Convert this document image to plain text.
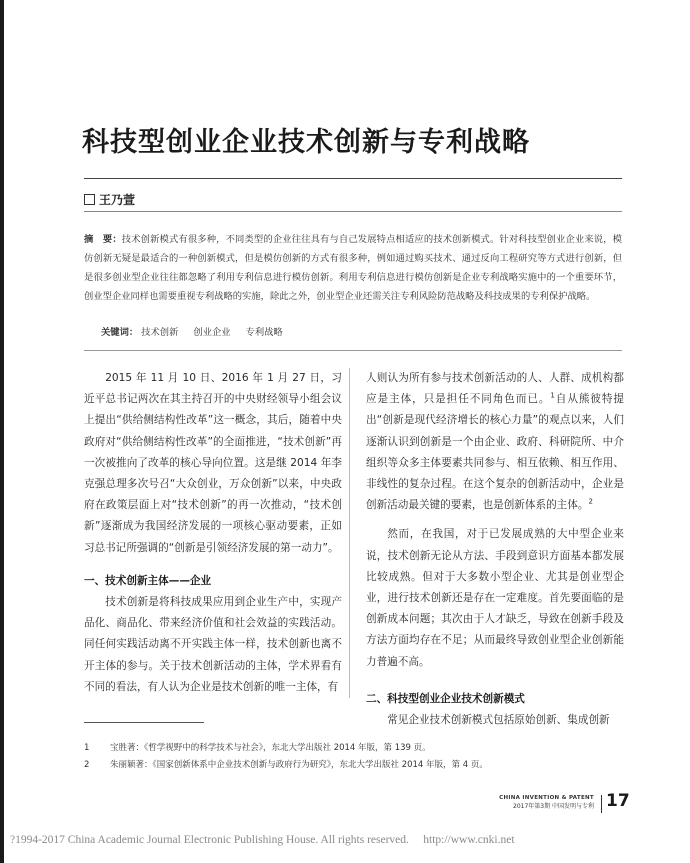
科技型创业企业技术创新与专利战略
王乃萱
摘　要：技术创新模式有很多种，不同类型的企业往往具有与自己发展特点相适应的技术创新模式。针对科技型创业企业来说，模仿创新无疑是最适合的一种创新模式，但是模仿创新的方式有很多种，例如通过购买技术、通过反向工程研究等方式进行创新，但是很多创业型企业往往都忽略了利用专利信息进行模仿创新。利用专利信息进行模仿创新是企业专利战略实施中的一个重要环节，创业型企业同样也需要重视专利战略的实施，除此之外，创业型企业还需关注专利风险防范战略及科技成果的专利保护战略。
关键词： 技术创新 创业企业 专利战略

2015 年 11 月 10 日、2016 年 1 月 27 日，习近平总书记两次在其主持召开的中央财经领导小组会议上提出“供给侧结构性改革”这一概念，其后，随着中央政府对“供给侧结构性改革”的全面推进，“技术创新”再一次被推向了改革的核心导向位置。这是继 2014 年李克强总理多次号召“大众创业，万众创新”以来，中央政府在政策层面上对“技术创新”的再一次推动，“技术创新”逐渐成为我国经济发展的一项核心驱动要素，正如习总书记所强调的“创新是引领经济发展的第一动力”。

一、技术创新主体——企业

技术创新是将科技成果应用到企业生产中，实现产品化、商品化、带来经济价值和社会效益的实践活动。同任何实践活动离不开实践主体一样，技术创新也离不开主体的参与。关于技术创新活动的主体，学术界看有不同的看法，有人认为企业是技术创新的唯一主体，有

人则认为所有参与技术创新活动的人、人群、成机构都应是主体，只是担任不同角色而已。$^1$自从熊彼特提出“创新是现代经济增长的核心力量”的观点以来，人们逐渐认识到创新是一个由企业、政府、科研院所、中介组织等众多主体要素共同参与、相互依赖、相互作用、非线性的复杂过程。在这个复杂的创新活动中，企业是创新活动最关键的要素，也是创新体系的主体。$^2$

然而，在我国，对于已发展成熟的大中型企业来说，技术创新无论从方法、手段到意识方面基本都发展比较成熟。但对于大多数小型企业、尤其是创业型企业，进行技术创新还是存在一定难度。首先要面临的是创新成本问题；其次由于人才缺乏，导致在创新手段及方法方面均存在不足；从而最终导致创业型企业创新能力普遍不高。

二、科技型创业企业技术创新模式

常见企业技术创新模式包括原始创新、集成创新

1	宝胜著：《哲学视野中的科学技术与社会》，东北大学出版社 2014 年版，第 139 页。
2	朱丽颖著：《国家创新体系中企业技术创新与政府行为研究》，东北大学出版社 2014 年版，第 4 页。
CHINA INVENTION & PATENT
2017年第3期 中国发明与专利 17
?1994-2017 China Academic Journal Electronic Publishing House. All rights reserved.　 http://www.cnki.net
